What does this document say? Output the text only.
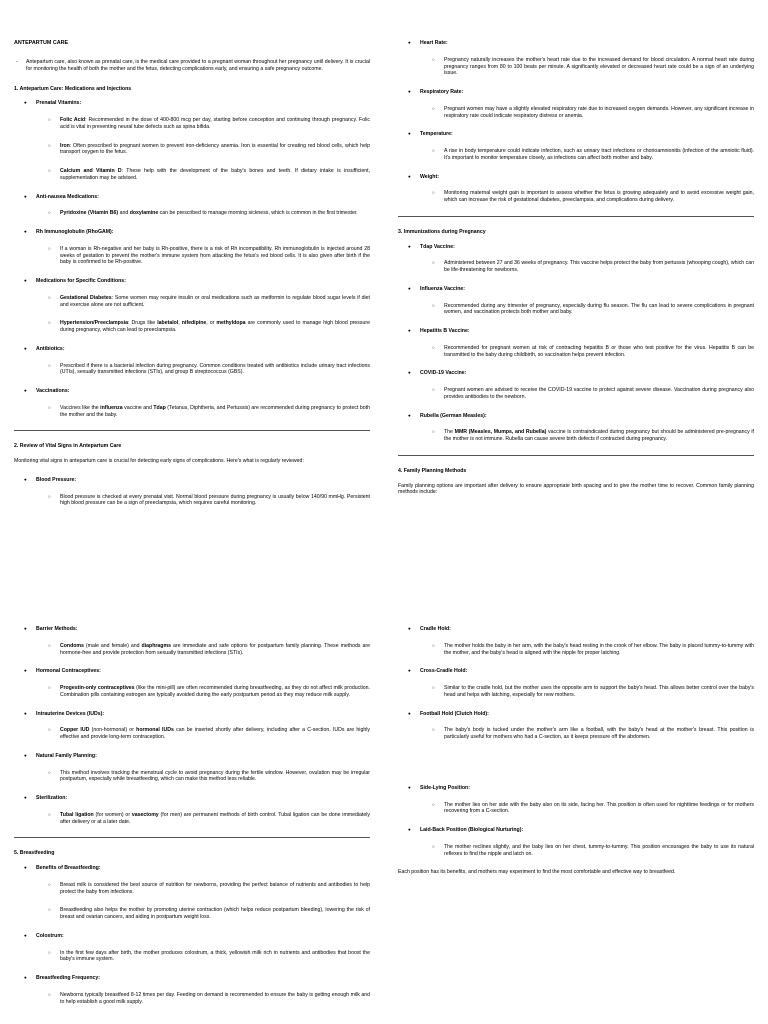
ANTEPARTUM CARE
-	Antepartum care, also known as prenatal care, is the medical care provided to a pregnant woman throughout her pregnancy until delivery. It is crucial for monitoring the health of both the mother and the fetus, detecting complications early, and ensuring a safe pregnancy outcome.
1. Antepartum Care: Medications and Injections
● Prenatal Vitamins:
○ Folic Acid: Recommended in the dose of 400-800 mcg per day, starting before conception and continuing through pregnancy. Folic acid is vital in preventing neural tube defects such as spina bifida.
○ Iron: Often prescribed to pregnant women to prevent iron-deficiency anemia. Iron is essential for creating red blood cells, which help transport oxygen to the fetus.
○ Calcium and Vitamin D: These help with the development of the baby's bones and teeth. If dietary intake is insufficient, supplementation may be advised.
● Anti-nausea Medications:
○ Pyridoxine (Vitamin B6) and doxylamine can be prescribed to manage morning sickness, which is common in the first trimester.
● Rh Immunoglobulin (RhoGAM):
○ If a woman is Rh-negative and her baby is Rh-positive, there is a risk of Rh incompatibility. Rh immunoglobulin is injected around 28 weeks of gestation to prevent the mother's immune system from attacking the fetus's red blood cells. It is also given after birth if the baby is confirmed to be Rh-positive.
● Medications for Specific Conditions:
○ Gestational Diabetes: Some women may require insulin or oral medications such as metformin to regulate blood sugar levels if diet and exercise alone are not sufficient.
○ Hypertension/Preeclampsia: Drugs like labetalol, nifedipine, or methyldopa are commonly used to manage high blood pressure during pregnancy, which can lead to preeclampsia.
● Antibiotics:
○ Prescribed if there is a bacterial infection during pregnancy. Common conditions treated with antibiotics include urinary tract infections (UTIs), sexually transmitted infections (STIs), and group B streptococcus (GBS).
● Vaccinations:
○ Vaccines like the influenza vaccine and Tdap (Tetanus, Diphtheria, and Pertussis) are recommended during pregnancy to protect both the mother and the baby.
2. Review of Vital Signs in Antepartum Care
Monitoring vital signs in antepartum care is crucial for detecting early signs of complications. Here's what is regularly reviewed:
● Blood Pressure:
○ Blood pressure is checked at every prenatal visit. Normal blood pressure during pregnancy is usually below 140/90 mmHg. Persistent high blood pressure can be a sign of preeclampsia, which requires careful monitoring.
● Heart Rate:
○ Pregnancy naturally increases the mother's heart rate due to the increased demand for blood circulation. A normal heart rate during pregnancy ranges from 80 to 100 beats per minute. A significantly elevated or decreased heart rate could be a sign of an underlying issue.
● Respiratory Rate:
○ Pregnant women may have a slightly elevated respiratory rate due to increased oxygen demands. However, any significant increase in respiratory rate could indicate respiratory distress or anemia.
● Temperature:
○ A rise in body temperature could indicate infection, such as urinary tract infections or chorioamnionitis (infection of the amniotic fluid). It's important to monitor temperature closely, as infections can affect both mother and baby.
● Weight:
○ Monitoring maternal weight gain is important to assess whether the fetus is growing adequately and to avoid excessive weight gain, which can increase the risk of gestational diabetes, preeclampsia, and complications during delivery.
3. Immunizations during Pregnancy
● Tdap Vaccine:
○ Administered between 27 and 36 weeks of pregnancy. This vaccine helps protect the baby from pertussis (whooping cough), which can be life-threatening for newborns.
● Influenza Vaccine:
○ Recommended during any trimester of pregnancy, especially during flu season. The flu can lead to severe complications in pregnant women, and vaccination protects both mother and baby.
● Hepatitis B Vaccine:
○ Recommended for pregnant women at risk of contracting hepatitis B or those who test positive for the virus. Hepatitis B can be transmitted to the baby during childbirth, so vaccination helps prevent infection.
● COVID-19 Vaccine:
○ Pregnant women are advised to receive the COVID-19 vaccine to protect against severe disease. Vaccination during pregnancy also provides antibodies to the newborn.
● Rubella (German Measles):
○ The MMR (Measles, Mumps, and Rubella) vaccine is contraindicated during pregnancy but should be administered pre-pregnancy if the mother is not immune. Rubella can cause severe birth defects if contracted during pregnancy.
4. Family Planning Methods
Family planning options are important after delivery to ensure appropriate birth spacing and to give the mother time to recover. Common family planning methods include:
● Barrier Methods:
○ Condoms (male and female) and diaphragms are immediate and safe options for postpartum family planning. These methods are hormone-free and provide protection from sexually transmitted infections (STIs).
● Hormonal Contraceptives:
○ Progestin-only contraceptives (like the mini-pill) are often recommended during breastfeeding, as they do not affect milk production. Combination pills containing estrogen are typically avoided during the early postpartum period as they may reduce milk supply.
● Intrauterine Devices (IUDs):
○ Copper IUD (non-hormonal) or hormonal IUDs can be inserted shortly after delivery, including after a C-section. IUDs are highly effective and provide long-term contraception.
● Natural Family Planning:
○ This method involves tracking the menstrual cycle to avoid pregnancy during the fertile window. However, ovulation may be irregular postpartum, especially while breastfeeding, which can make this method less reliable.
● Sterilization:
○ Tubal ligation (for women) or vasectomy (for men) are permanent methods of birth control. Tubal ligation can be done immediately after delivery or at a later date.
5. Breastfeeding
● Benefits of Breastfeeding:
○ Breast milk is considered the best source of nutrition for newborns, providing the perfect balance of nutrients and antibodies to help protect the baby from infections.
○ Breastfeeding also helps the mother by promoting uterine contraction (which helps reduce postpartum bleeding), lowering the risk of breast and ovarian cancers, and aiding in postpartum weight loss.
● Colostrum:
○ In the first few days after birth, the mother produces colostrum, a thick, yellowish milk rich in nutrients and antibodies that boost the baby's immune system.
● Breastfeeding Frequency:
○ Newborns typically breastfeed 8-12 times per day. Feeding on demand is recommended to ensure the baby is getting enough milk and to help establish a good milk supply.
● Cradle Hold:
○ The mother holds the baby in her arm, with the baby's head resting in the crook of her elbow. The baby is placed tummy-to-tummy with the mother, and the baby's head is aligned with the nipple for proper latching.
● Cross-Cradle Hold:
○ Similar to the cradle hold, but the mother uses the opposite arm to support the baby's head. This allows better control over the baby's head and helps with latching, especially for new mothers.
● Football Hold (Clutch Hold):
○ The baby's body is tucked under the mother's arm like a football, with the baby's head at the mother's breast. This position is particularly useful for mothers who had a C-section, as it keeps pressure off the abdomen.
● Side-Lying Position:
○ The mother lies on her side with the baby also on its side, facing her. This position is often used for nighttime feedings or for mothers recovering from a C-section.
● Laid-Back Position (Biological Nurturing):
○ The mother reclines slightly, and the baby lies on her chest, tummy-to-tummy. This position encourages the baby to use its natural reflexes to find the nipple and latch on.
Each position has its benefits, and mothers may experiment to find the most comfortable and effective way to breastfeed.
